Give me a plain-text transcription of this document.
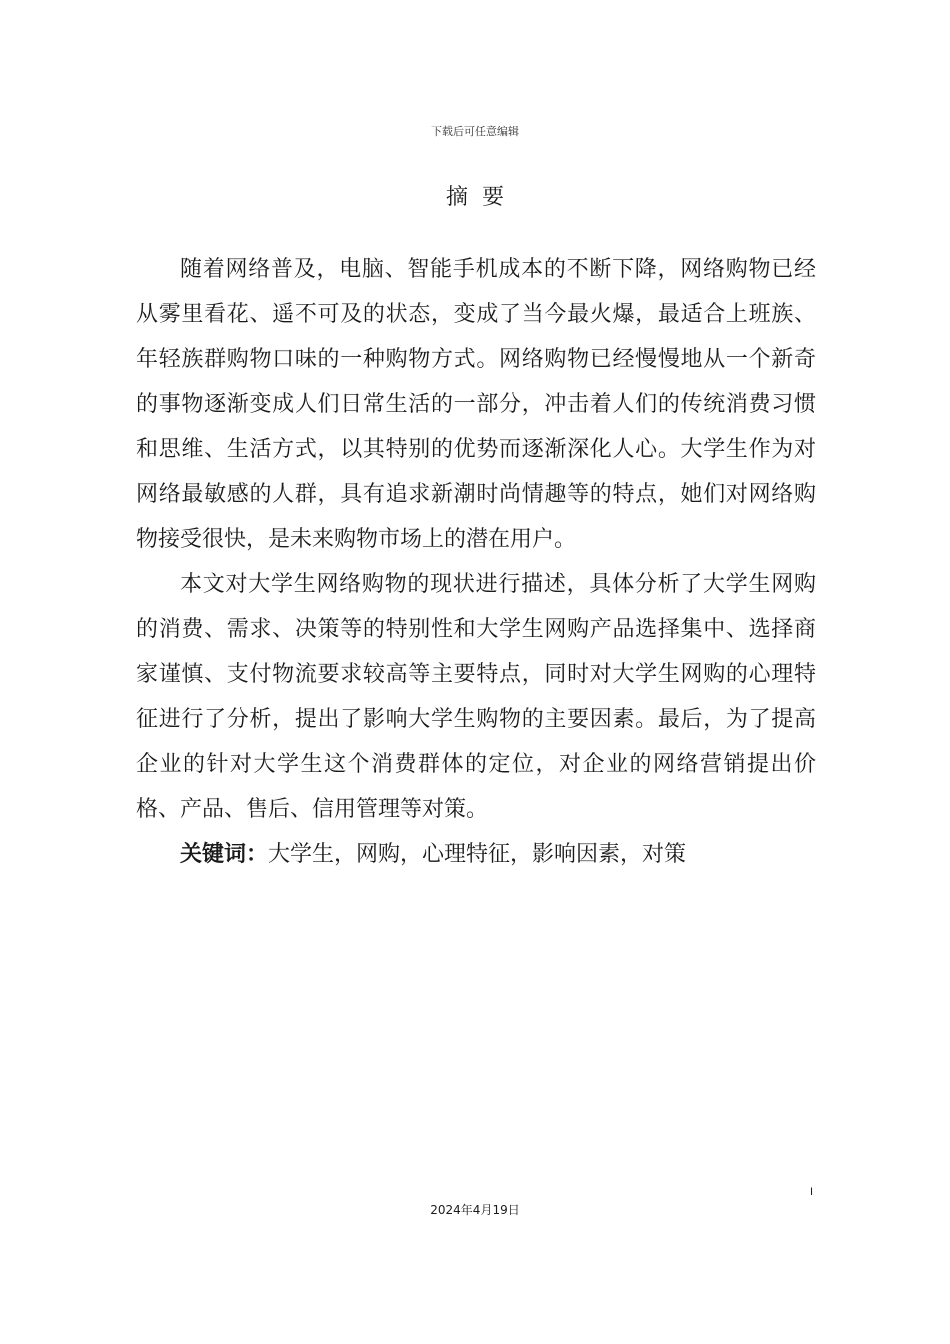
下载后可任意编辑
摘要

随着网络普及，电脑、智能手机成本的不断下降，网络购物已经从雾里看花、遥不可及的状态，变成了当今最火爆，最适合上班族、年轻族群购物口味的一种购物方式。网络购物已经慢慢地从一个新奇的事物逐渐变成人们日常生活的一部分，冲击着人们的传统消费习惯和思维、生活方式，以其特别的优势而逐渐深化人心。大学生作为对网络最敏感的人群，具有追求新潮时尚情趣等的特点，她们对网络购物接受很快，是未来购物市场上的潜在用户。

本文对大学生网络购物的现状进行描述，具体分析了大学生网购的消费、需求、决策等的特别性和大学生网购产品选择集中、选择商家谨慎、支付物流要求较高等主要特点，同时对大学生网购的心理特征进行了分析，提出了影响大学生购物的主要因素。最后，为了提高企业的针对大学生这个消费群体的定位，对企业的网络营销提出价格、产品、售后、信用管理等对策。

关键词：大学生，网购，心理特征，影响因素，对策

I
2024年4月19日
